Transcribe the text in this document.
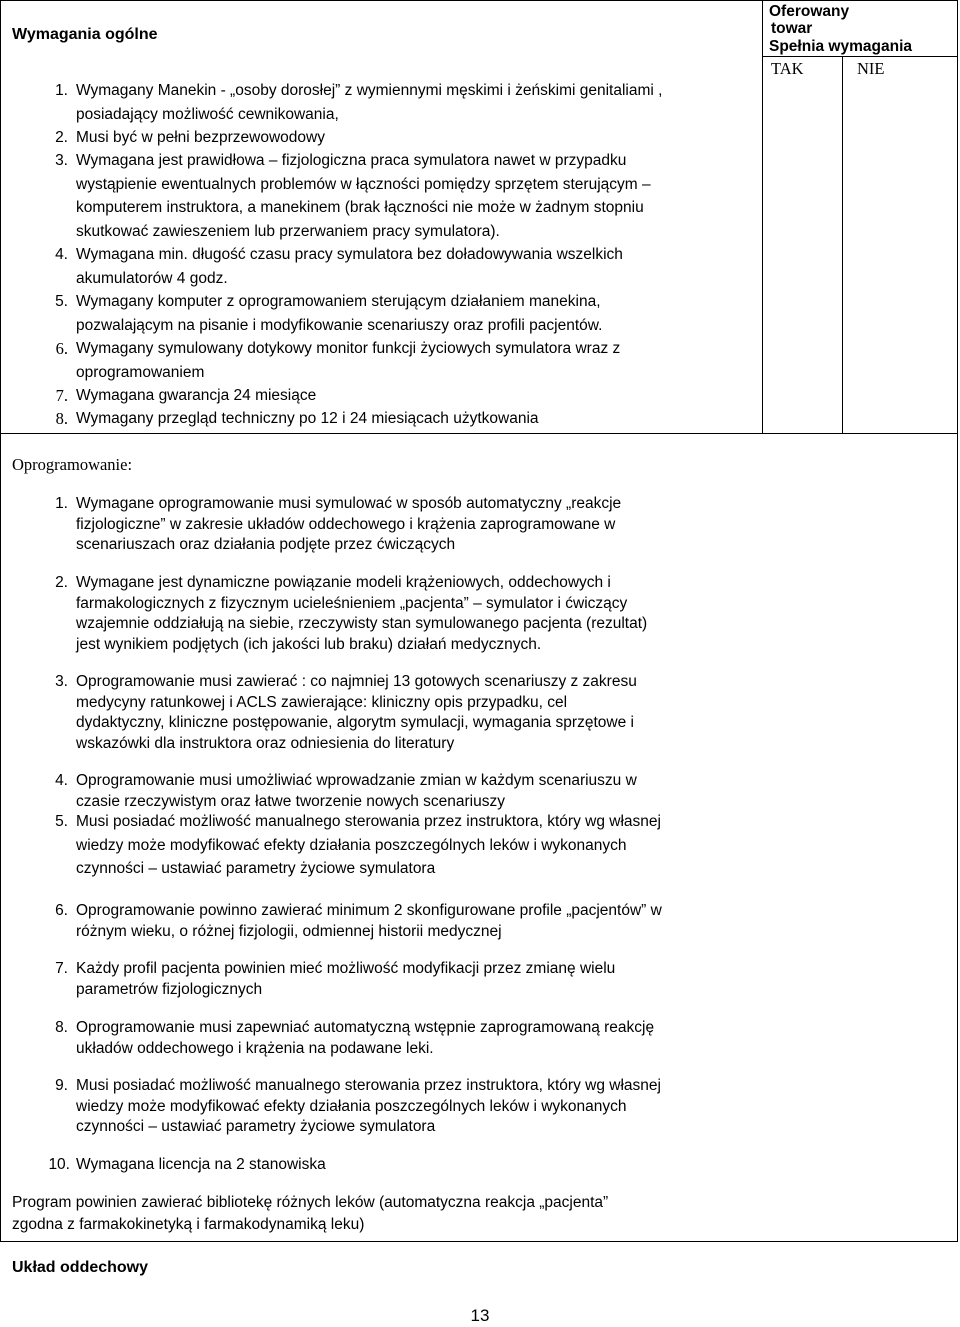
Wymagania ogólne
Oferowany
towar
Spełnia wymagania
TAK	NIE
1. Wymagany Manekin - „osoby dorosłej” z wymiennymi męskimi i żeńskimi genitaliami ,
posiadający możliwość cewnikowania,
2. Musi być w pełni bezprzewowodowy
3. Wymagana jest prawidłowa – fizjologiczna praca symulatora nawet w przypadku
wystąpienie ewentualnych problemów w łączności pomiędzy sprzętem sterującym –
komputerem instruktora, a manekinem (brak łączności nie może w żadnym stopniu
skutkować zawieszeniem lub przerwaniem pracy symulatora).
4. Wymagana min. długość czasu pracy symulatora bez doładowywania wszelkich
akumulatorów 4 godz.
5. Wymagany komputer z oprogramowaniem sterującym działaniem manekina,
pozwalającym na pisanie i modyfikowanie scenariuszy oraz profili pacjentów.
6. Wymagany symulowany dotykowy monitor funkcji życiowych symulatora wraz z
oprogramowaniem
7. Wymagana gwarancja 24 miesiące
8. Wymagany przegląd techniczny po 12 i 24 miesiącach użytkowania
Oprogramowanie:
1. Wymagane oprogramowanie musi symulować w sposób automatyczny „reakcje
fizjologiczne” w zakresie układów oddechowego i krążenia zaprogramowane w
scenariuszach oraz działania podjęte przez ćwiczących
2. Wymagane jest dynamiczne powiązanie modeli krążeniowych, oddechowych i
farmakologicznych z fizycznym ucieleśnieniem „pacjenta” – symulator i ćwiczący
wzajemnie oddziałują na siebie, rzeczywisty stan symulowanego pacjenta (rezultat)
jest wynikiem podjętych (ich jakości lub braku) działań medycznych.
3. Oprogramowanie musi zawierać : co najmniej 13 gotowych scenariuszy z zakresu
medycyny ratunkowej i ACLS zawierające: kliniczny opis przypadku, cel
dydaktyczny, kliniczne postępowanie, algorytm symulacji, wymagania sprzętowe i
wskazówki dla instruktora oraz odniesienia do literatury
4. Oprogramowanie musi umożliwiać wprowadzanie zmian w każdym scenariuszu w
czasie rzeczywistym oraz łatwe tworzenie nowych scenariuszy
5. Musi posiadać możliwość manualnego sterowania przez instruktora, który wg własnej
wiedzy może modyfikować efekty działania poszczególnych leków i wykonanych
czynności – ustawiać parametry życiowe symulatora
6. Oprogramowanie powinno zawierać minimum 2 skonfigurowane profile „pacjentów” w
różnym wieku, o różnej fizjologii, odmiennej historii medycznej
7. Każdy profil pacjenta powinien mieć możliwość modyfikacji przez zmianę wielu
parametrów fizjologicznych
8. Oprogramowanie musi zapewniać automatyczną wstępnie zaprogramowaną reakcję
układów oddechowego i krążenia na podawane leki.
9. Musi posiadać możliwość manualnego sterowania przez instruktora, który wg własnej
wiedzy może modyfikować efekty działania poszczególnych leków i wykonanych
czynności – ustawiać parametry życiowe symulatora
10. Wymagana licencja na 2 stanowiska
Program powinien zawierać bibliotekę różnych leków (automatyczna reakcja „pacjenta”
zgodna z farmakokinetyką i farmakodynamiką leku)
Układ oddechowy
13
